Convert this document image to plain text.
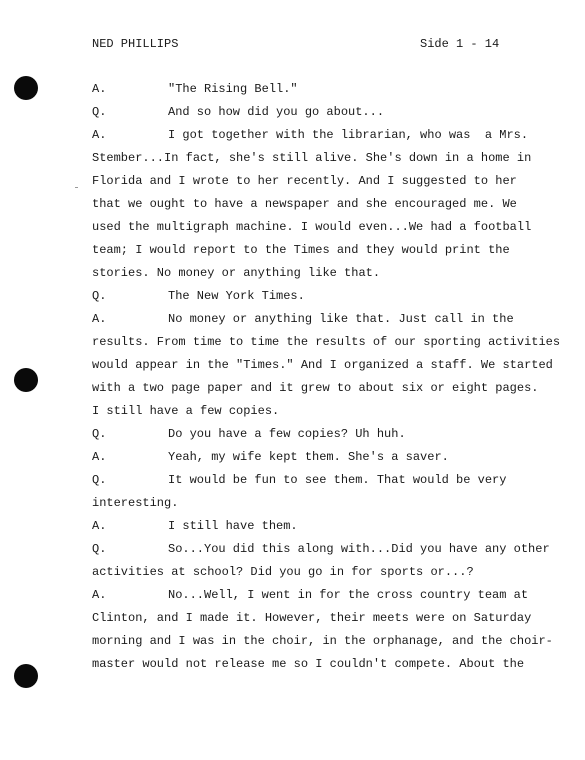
NED PHILLIPS	Side 1 - 14
A.	"The Rising Bell."
Q.	And so how did you go about...
A.	I got together with the librarian, who was  a Mrs.
Stember...In fact, she's still alive. She's down in a home in
Florida and I wrote to her recently. And I suggested to her
that we ought to have a newspaper and she encouraged me. We
used the multigraph machine. I would even...We had a football
team; I would report to the Times and they would print the
stories. No money or anything like that.
Q.	The New York Times.
A.	No money or anything like that. Just call in the
results. From time to time the results of our sporting activities
would appear in the "Times." And I organized a staff. We started
with a two page paper and it grew to about six or eight pages.
I still have a few copies.
Q.	Do you have a few copies? Uh huh.
A.	Yeah, my wife kept them. She's a saver.
Q.	It would be fun to see them. That would be very
interesting.
A.	I still have them.
Q.	So...You did this along with...Did you have any other
activities at school? Did you go in for sports or...?
A.	No...Well, I went in for the cross country team at
Clinton, and I made it. However, their meets were on Saturday
morning and I was in the choir, in the orphanage, and the choir-
master would not release me so I couldn't compete. About the
